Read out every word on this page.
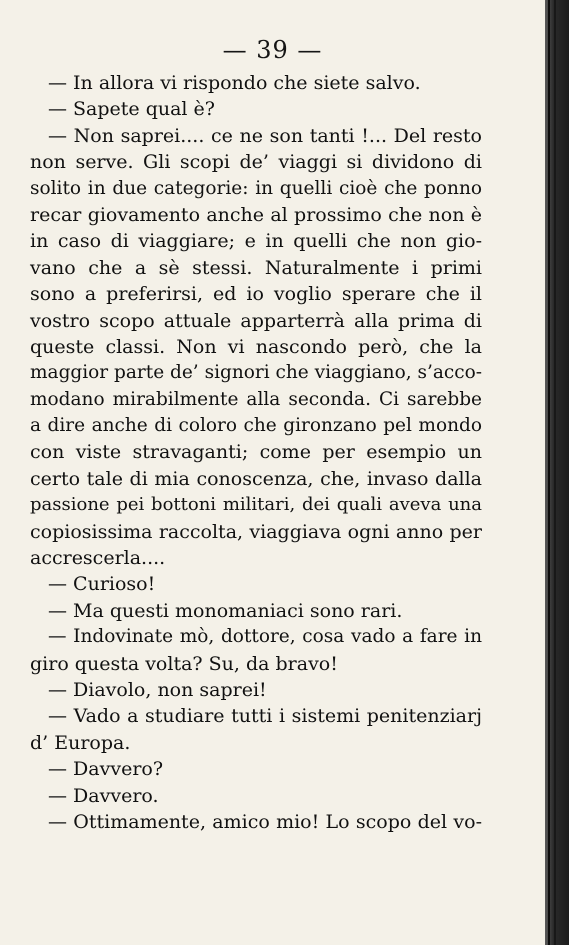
— 39 —
— In allora vi rispondo che siete salvo.
— Sapete qual è?
— Non saprei.... ce ne son tanti !... Del resto
non serve. Gli scopi de’ viaggi si dividono di
solito in due categorie: in quelli cioè che ponno
recar giovamento anche al prossimo che non è
in caso di viaggiare; e in quelli che non gio-
vano che a sè stessi. Naturalmente i primi
sono a preferirsi, ed io voglio sperare che il
vostro scopo attuale apparterrà alla prima di
queste classi. Non vi nascondo però, che la
maggior parte de’ signori che viaggiano, s’acco-
modano mirabilmente alla seconda. Ci sarebbe
a dire anche di coloro che gironzano pel mondo
con viste stravaganti; come per esempio un
certo tale di mia conoscenza, che, invaso dalla
passione pei bottoni militari, dei quali aveva una
copiosissima raccolta, viaggiava ogni anno per
accrescerla....
— Curioso!
— Ma questi monomaniaci sono rari.
— Indovinate mò, dottore, cosa vado a fare in
giro questa volta? Su, da bravo!
— Diavolo, non saprei!
— Vado a studiare tutti i sistemi penitenziarj
d’ Europa.
— Davvero?
— Davvero.
— Ottimamente, amico mio! Lo scopo del vo-
